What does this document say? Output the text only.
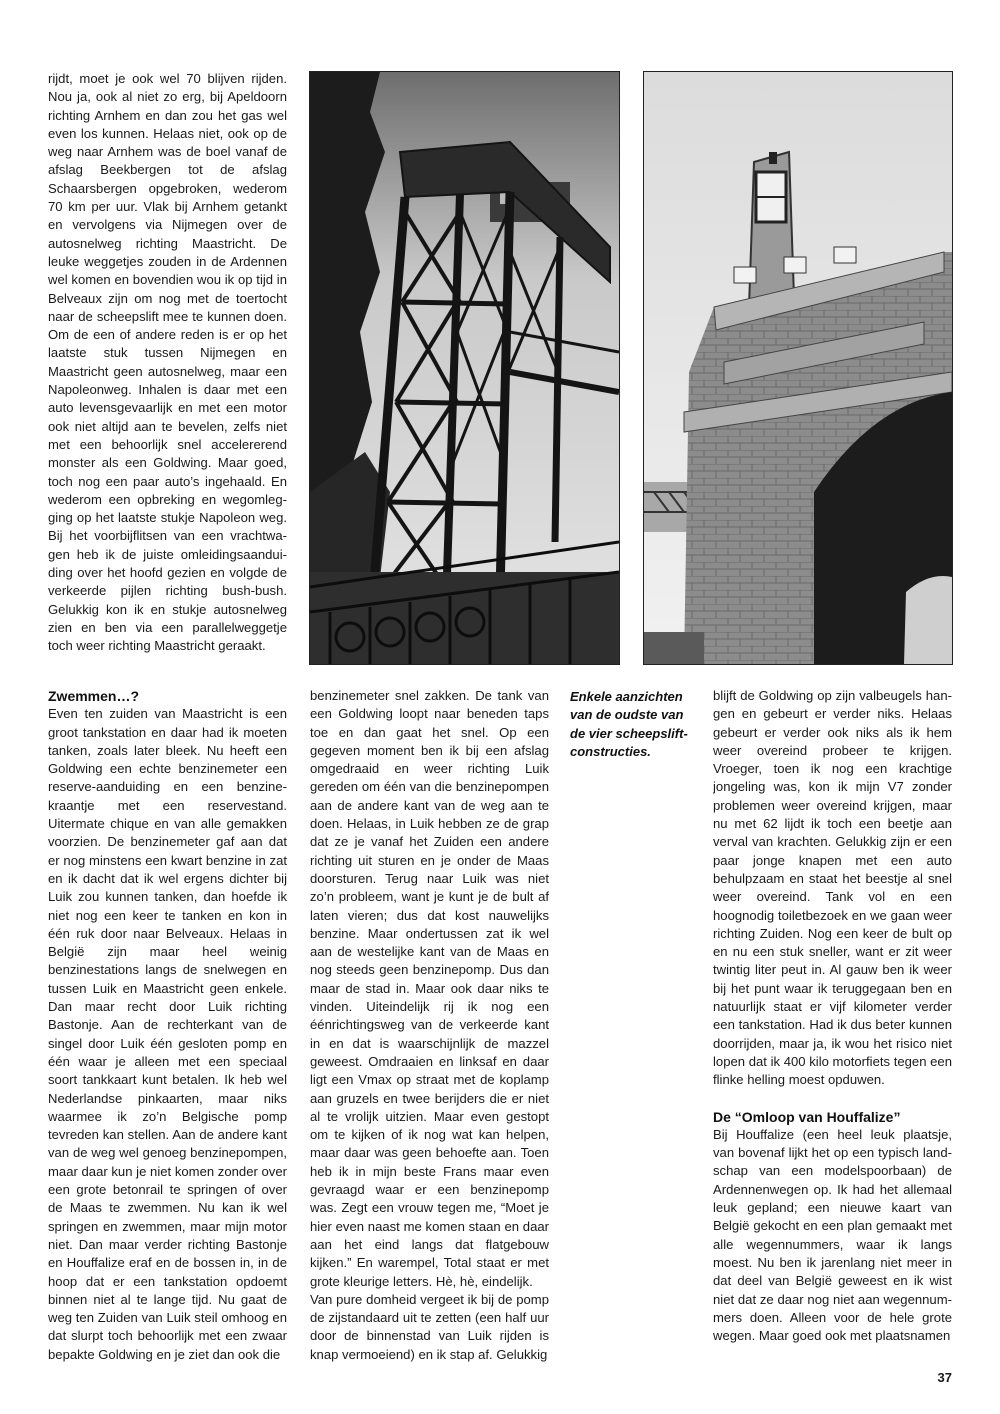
rijdt, moet je ook wel 70 blijven rijden. Nou ja, ook al niet zo erg, bij Apeldoorn richting Arnhem en dan zou het gas wel even los kunnen. Helaas niet, ook op de weg naar Arnhem was de boel vanaf de afslag Beekbergen tot de afslag Schaarsbergen opgebroken, wederom 70 km per uur. Vlak bij Arnhem getankt en vervolgens via Nijmegen over de autosnelweg richting Maastricht. De leuke weggetjes zouden in de Ardennen wel komen en bovendien wou ik op tijd in Belveaux zijn om nog met de toertocht naar de scheepslift mee te kunnen doen. Om de een of andere reden is er op het laatste stuk tussen Nijmegen en Maastricht geen autosnelweg, maar een Napoleonweg. Inhalen is daar met een auto levensgevaarlijk en met een motor ook niet altijd aan te bevelen, zelfs niet met een behoorlijk snel accelererend monster als een Goldwing. Maar goed, toch nog een paar auto’s ingehaald. En wederom een opbreking en wegomlegging op het laatste stukje Napoleon weg. Bij het voorbijflitsen van een vrachtwagen heb ik de juiste omleidingsaanduiding over het hoofd gezien en volgde de verkeerde pijlen richting bush-bush. Gelukkig kon ik en stukje autosnelweg zien en ben via een parallelweggetje toch weer richting Maastricht geraakt.

Zwemmen…?

Even ten zuiden van Maastricht is een groot tankstation en daar had ik moeten tanken, zoals later bleek. Nu heeft een Goldwing een echte benzinemeter een reserve-aanduiding en een benzinekraantje met een reservestand. Uitermate chique en van alle gemakken voorzien. De benzinemeter gaf aan dat er nog minstens een kwart benzine in zat en ik dacht dat ik wel ergens dichter bij Luik zou kunnen tanken, dan hoefde ik niet nog een keer te tanken en kon in één ruk door naar Belveaux. Helaas in België zijn maar heel weinig benzinestations langs de snelwegen en tussen Luik en Maastricht geen enkele. Dan maar recht door Luik richting Bastonje. Aan de rechterkant van de singel door Luik één gesloten pomp en één waar je alleen met een speciaal soort tankkaart kunt betalen. Ik heb wel Nederlandse pinkaarten, maar niks waarmee ik zo’n Belgische pomp tevreden kan stellen. Aan de andere kant van de weg wel genoeg benzinepompen, maar daar kun je niet komen zonder over een grote betonrail te springen of over de Maas te zwemmen. Nu kan ik wel springen en zwemmen, maar mijn motor niet. Dan maar verder richting Bastonje en Houffalize eraf en de bossen in, in de hoop dat er een tankstation opdoemt binnen niet al te lange tijd. Nu gaat de weg ten Zuiden van Luik steil omhoog en dat slurpt toch behoorlijk met een zwaar bepakte Goldwing en je ziet dan ook die

benzinemeter snel zakken. De tank van een Goldwing loopt naar beneden taps toe en dan gaat het snel. Op een gegeven moment ben ik bij een afslag omgedraaid en weer richting Luik gereden om één van die benzinepompen aan de andere kant van de weg aan te doen. Helaas, in Luik hebben ze de grap dat ze je vanaf het Zuiden een andere richting uit sturen en je onder de Maas doorsturen. Terug naar Luik was niet zo’n probleem, want je kunt je de bult af laten vieren; dus dat kost nauwelijks benzine. Maar ondertussen zat ik wel aan de westelijke kant van de Maas en nog steeds geen benzinepomp. Dus dan maar de stad in. Maar ook daar niks te vinden. Uiteindelijk rij ik nog een éénrichtingsweg van de verkeerde kant in en dat is waarschijnlijk de mazzel geweest. Omdraaien en linksaf en daar ligt een Vmax op straat met de koplamp aan gruzels en twee berijders die er niet al te vrolijk uitzien. Maar even gestopt om te kijken of ik nog wat kan helpen, maar daar was geen behoefte aan. Toen heb ik in mijn beste Frans maar even gevraagd waar er een benzinepomp was. Zegt een vrouw tegen me, “Moet je hier even naast me komen staan en daar aan het eind langs dat flatgebouw kijken.” En warempel, Total staat er met grote kleurige letters. Hè, hè, eindelijk.

Van pure domheid vergeet ik bij de pomp de zijstandaard uit te zetten (een half uur door de binnenstad van Luik rijden is knap vermoeiend) en ik stap af. Gelukkig

Enkele aanzichten van de oudste van de vier scheepsliftconstructies.

blijft de Goldwing op zijn valbeugels hangen en gebeurt er verder niks. Helaas gebeurt er verder ook niks als ik hem weer overeind probeer te krijgen. Vroeger, toen ik nog een krachtige jongeling was, kon ik mijn V7 zonder problemen weer overeind krijgen, maar nu met 62 lijdt ik toch een beetje aan verval van krachten. Gelukkig zijn er een paar jonge knapen met een auto behulpzaam en staat het beestje al snel weer overeind. Tank vol en een hoognodig toiletbezoek en we gaan weer richting Zuiden. Nog een keer de bult op en nu een stuk sneller, want er zit weer twintig liter peut in. Al gauw ben ik weer bij het punt waar ik teruggegaan ben en natuurlijk staat er vijf kilometer verder een tankstation. Had ik dus beter kunnen doorrijden, maar ja, ik wou het risico niet lopen dat ik 400 kilo motorfiets tegen een flinke helling moest opduwen.

De “Omloop van Houffalize”

Bij Houffalize (een heel leuk plaatsje, van bovenaf lijkt het op een typisch landschap van een modelspoorbaan) de Ardennenwegen op. Ik had het allemaal leuk gepland; een nieuwe kaart van België gekocht en een plan gemaakt met alle wegennummers, waar ik langs moest. Nu ben ik jarenlang niet meer in dat deel van België geweest en ik wist niet dat ze daar nog niet aan wegennummers doen. Alleen voor de hele grote wegen. Maar goed ook met plaatsnamen

37
